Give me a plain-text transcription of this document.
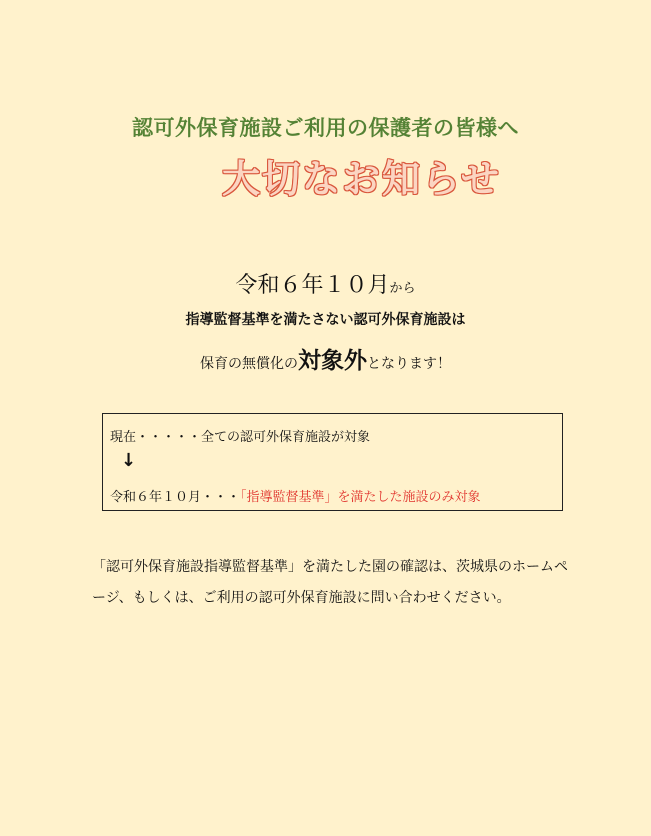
認可外保育施設ご利用の保護者の皆様へ
大切なお知らせ
令和６年１０月から
指導監督基準を満たさない認可外保育施設は
保育の無償化の対象外となります！
現在・・・・・全ての認可外保育施設が対象
↓
令和６年１０月・・・「指導監督基準」を満たした施設のみ対象
「認可外保育施設指導監督基準」を満たした園の確認は、茨城県のホームページ、もしくは、ご利用の認可外保育施設に問い合わせください。
